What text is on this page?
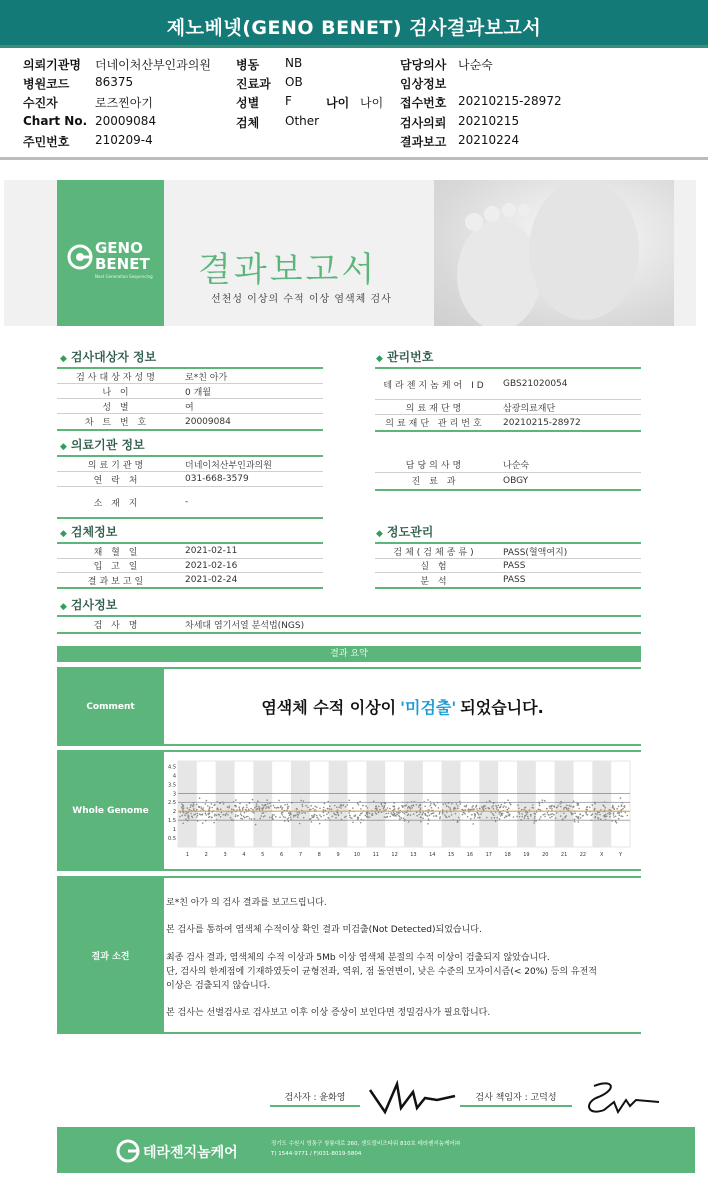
제노베넷(GENO BENET) 검사결과보고서
의뢰기관명 더네이처산부인과의원
병원코드 86375
수진자	로즈찐아기
Chart No. 20009084
주민번호 210209-4
병동 NB
진료과 OB
성별 F
검체 Other
나이 나이
담당의사 나순숙
임상정보
접수번호 20210215-28972
검사의뢰 20210215
결과보고 20210224
GENO
BENET
Next Generation Sequencing 결과보고서
선천성 이상의 수적 이상 염색체 검사
◆ 검사대상자 정보
검사대상자성명	로*친 아가
나 이	0 개월
성 별	여
차 트 번 호	20009084
◆ 관리번호
테라젠지놈케어 ID	GBS21020054
의료재단명	삼광의료재단
의료재단 관리번호	20210215-28972
◆ 의료기관 정보
의료기관명	더네이처산부인과의원
연 락 처	031-668-3579
소 재 지	-
담당의사명	나순숙
진 료 과	OBGY
◆ 검체정보
채 혈 일	2021-02-11
입 고 일	2021-02-16
결과보고일	2021-02-24
◆ 정도관리
검체(검체종류)	PASS(혈액여지)
실 험	PASS
분 석	PASS
◆ 검사정보
검 사 명	차세대 염기서열 분석법(NGS)
결과 요약
Comment	염색체 수적 이상이 '미검출' 되었습니다.
Whole Genome
1	2	3	4	5	6	7	8	9	10 11 12 13 14 15 16 17 18 19 20 21 22	X	Y
4.5
4
3.5
3
2.5
2
1.5
1
0.5
결과 소견
로*친 아가 의 검사 결과를 보고드립니다.
본 검사를 통하여 염색체 수적이상 확인 결과 미검출(Not Detected)되었습니다.
최종 검사 결과, 염색체의 수적 이상과 5Mb 이상 염색체 분절의 수적 이상이 검출되지 않았습니다.
단, 검사의 한계점에 기재하였듯이 균형전좌, 역위, 점 돌연변이, 낮은 수준의 모자이시즘(< 20%) 등의 유전적
이상은 검출되지 않습니다.
본 검사는 선별검사로 검사보고 이후 이상 증상이 보인다면 정밀검사가 필요합니다.
검사자 : 윤화영	검사 책임자 : 고덕성
테라젠지놈케어
경기도 수원시 영통구 창룡대로 260, 센트럴비즈타워 810호 테라젠지놈케어㈜
T) 1544-9771 / F)031-8019-5804
